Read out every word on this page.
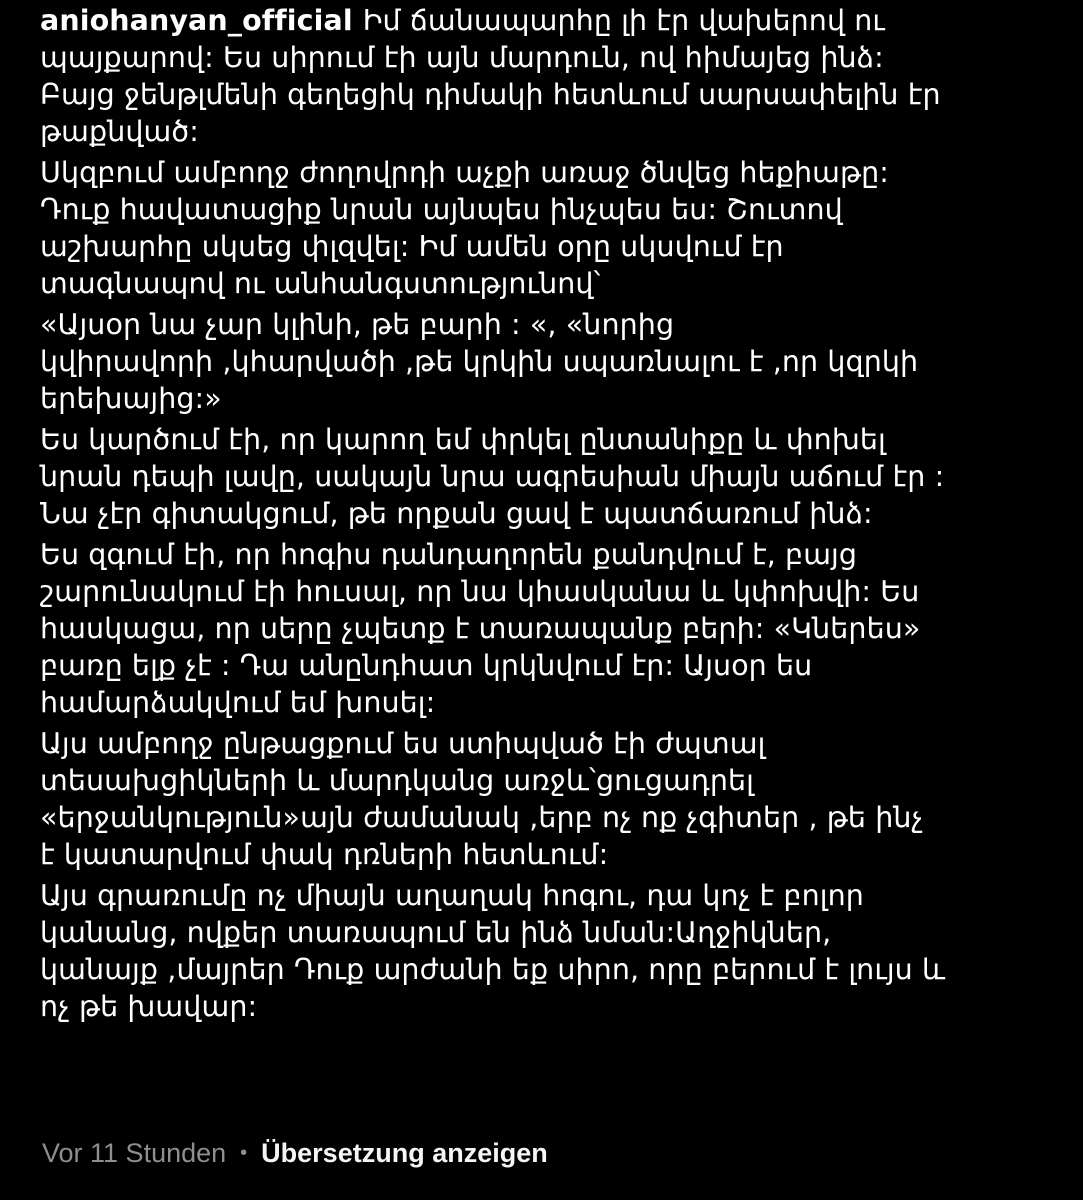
aniohanyan_official Իմ ճանապարհը լի էր վախերով ու
պայքարով: Ես սիրում էի այն մարդուն, ով հիմայեց ինձ:
Բայց ջենթլմենի գեղեցիկ դիմակի հետևում սարսափելին էր
թաքնված:

Սկզբում ամբողջ ժողովրդի աչքի առաջ ծնվեց հեքիաթը:
Դուք հավատացիք նրան այնպես ինչպես ես: Շուտով
աշխարհը սկսեց փլզվել: Իմ ամեն օրը սկսվում էր
տագնապով ու անհանգստությունով՝

«Այսօր նա չար կլինի, թե բարի : «, «նորից
կվիրավորի ,կհարվածի ,թե կրկին սպառնալու է ,որ կզրկի
երեխայից:»

Ես կարծում էի, որ կարող եմ փրկել ընտանիքը և փոխել
նրան դեպի լավը, սակայն նրա ագրեսիան միայն աճում էր :
Նա չէր գիտակցում, թե որքան ցավ է պատճառում ինձ:

Ես զգում էի, որ հոգիս դանդաղորեն քանդվում է, բայց
շարունակում էի հուսալ, որ նա կհասկանա և կփոխվի: Ես
հասկացա, որ սերը չպետք է տառապանք բերի: «Կներես»
բառը ելք չէ : Դա անընդհատ կրկնվում էր: Այսօր ես
համարձակվում եմ խոսել:

Այս ամբողջ ընթացքում ես ստիպված էի ժպտալ
տեսախցիկների և մարդկանց առջև՝ցուցադրել
«երջանկություն»այն ժամանակ ,երբ ոչ ոք չգիտեր , թե ինչ
է կատարվում փակ դռների հետևում:

Այս գրառումը ոչ միայն աղաղակ հոգու, դա կոչ է բոլոր
կանանց, ովքեր տառապում են ինձ նման:Աղջիկներ,
կանայք ,մայրեր Դուք արժանի եք սիրո, որը բերում է լույս և
ոչ թե խավար:

Vor 11 Stunden • Übersetzung anzeigen
